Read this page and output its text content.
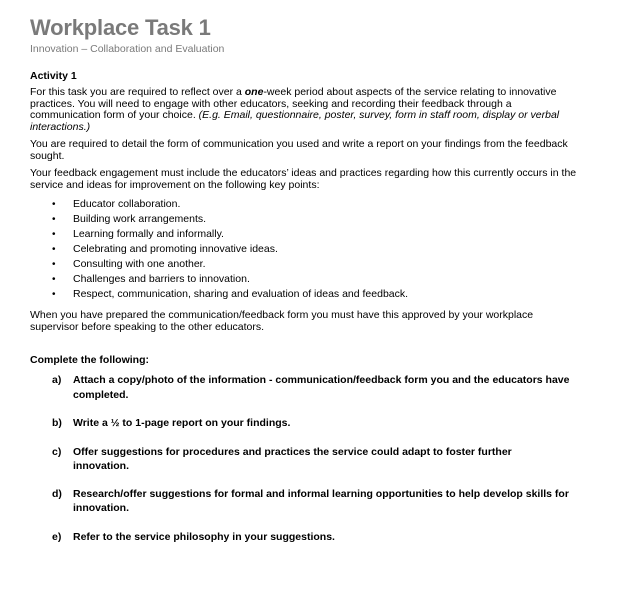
Workplace Task 1
Innovation – Collaboration and Evaluation
Activity 1

For this task you are required to reflect over a one-week period about aspects of the service relating to innovative practices. You will need to engage with other educators, seeking and recording their feedback through a communication form of your choice. (E.g. Email, questionnaire, poster, survey, form in staff room, display or verbal interactions.)

You are required to detail the form of communication you used and write a report on your findings from the feedback sought.

Your feedback engagement must include the educators’ ideas and practices regarding how this currently occurs in the service and ideas for improvement on the following key points:

• Educator collaboration.
• Building work arrangements.
• Learning formally and informally.
• Celebrating and promoting innovative ideas.
• Consulting with one another.
• Challenges and barriers to innovation.
• Respect, communication, sharing and evaluation of ideas and feedback.

When you have prepared the communication/feedback form you must have this approved by your workplace supervisor before speaking to the other educators.

Complete the following:
a) Attach a copy/photo of the information - communication/feedback form you and the educators have completed.
b) Write a ½ to 1-page report on your findings.
c) Offer suggestions for procedures and practices the service could adapt to foster further innovation.
d) Research/offer suggestions for formal and informal learning opportunities to help develop skills for innovation.
e) Refer to the service philosophy in your suggestions.
